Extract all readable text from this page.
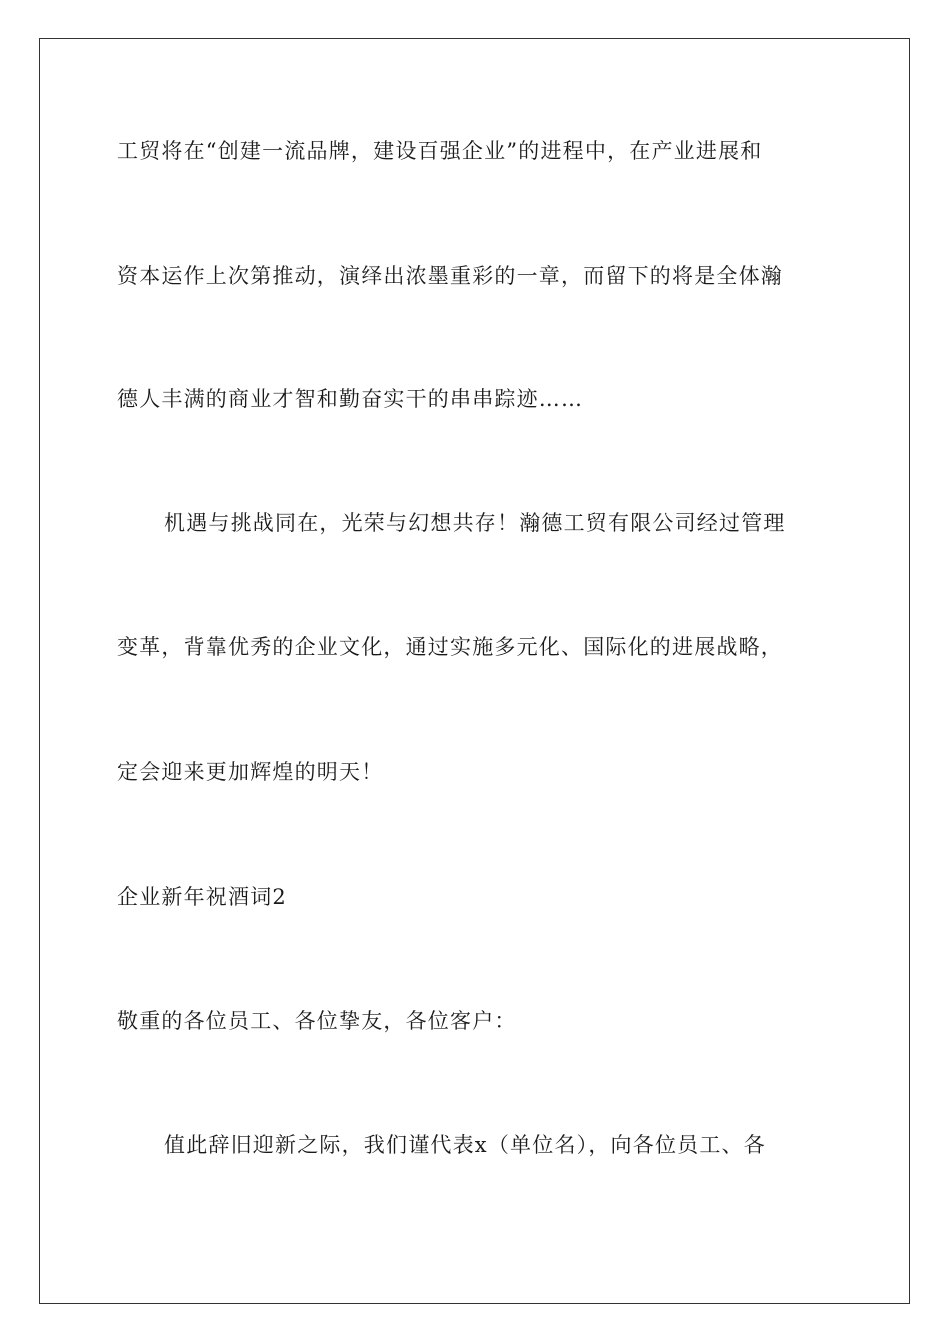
工贸将在“创建一流品牌，建设百强企业”的进程中，在产业进展和
资本运作上次第推动，演绎出浓墨重彩的一章，而留下的将是全体瀚
德人丰满的商业才智和勤奋实干的串串踪迹……
机遇与挑战同在，光荣与幻想共存！瀚德工贸有限公司经过管理
变革，背靠优秀的企业文化，通过实施多元化、国际化的进展战略，
定会迎来更加辉煌的明天！
企业新年祝酒词2
敬重的各位员工、各位挚友，各位客户：
值此辞旧迎新之际，我们谨代表x（单位名），向各位员工、各
